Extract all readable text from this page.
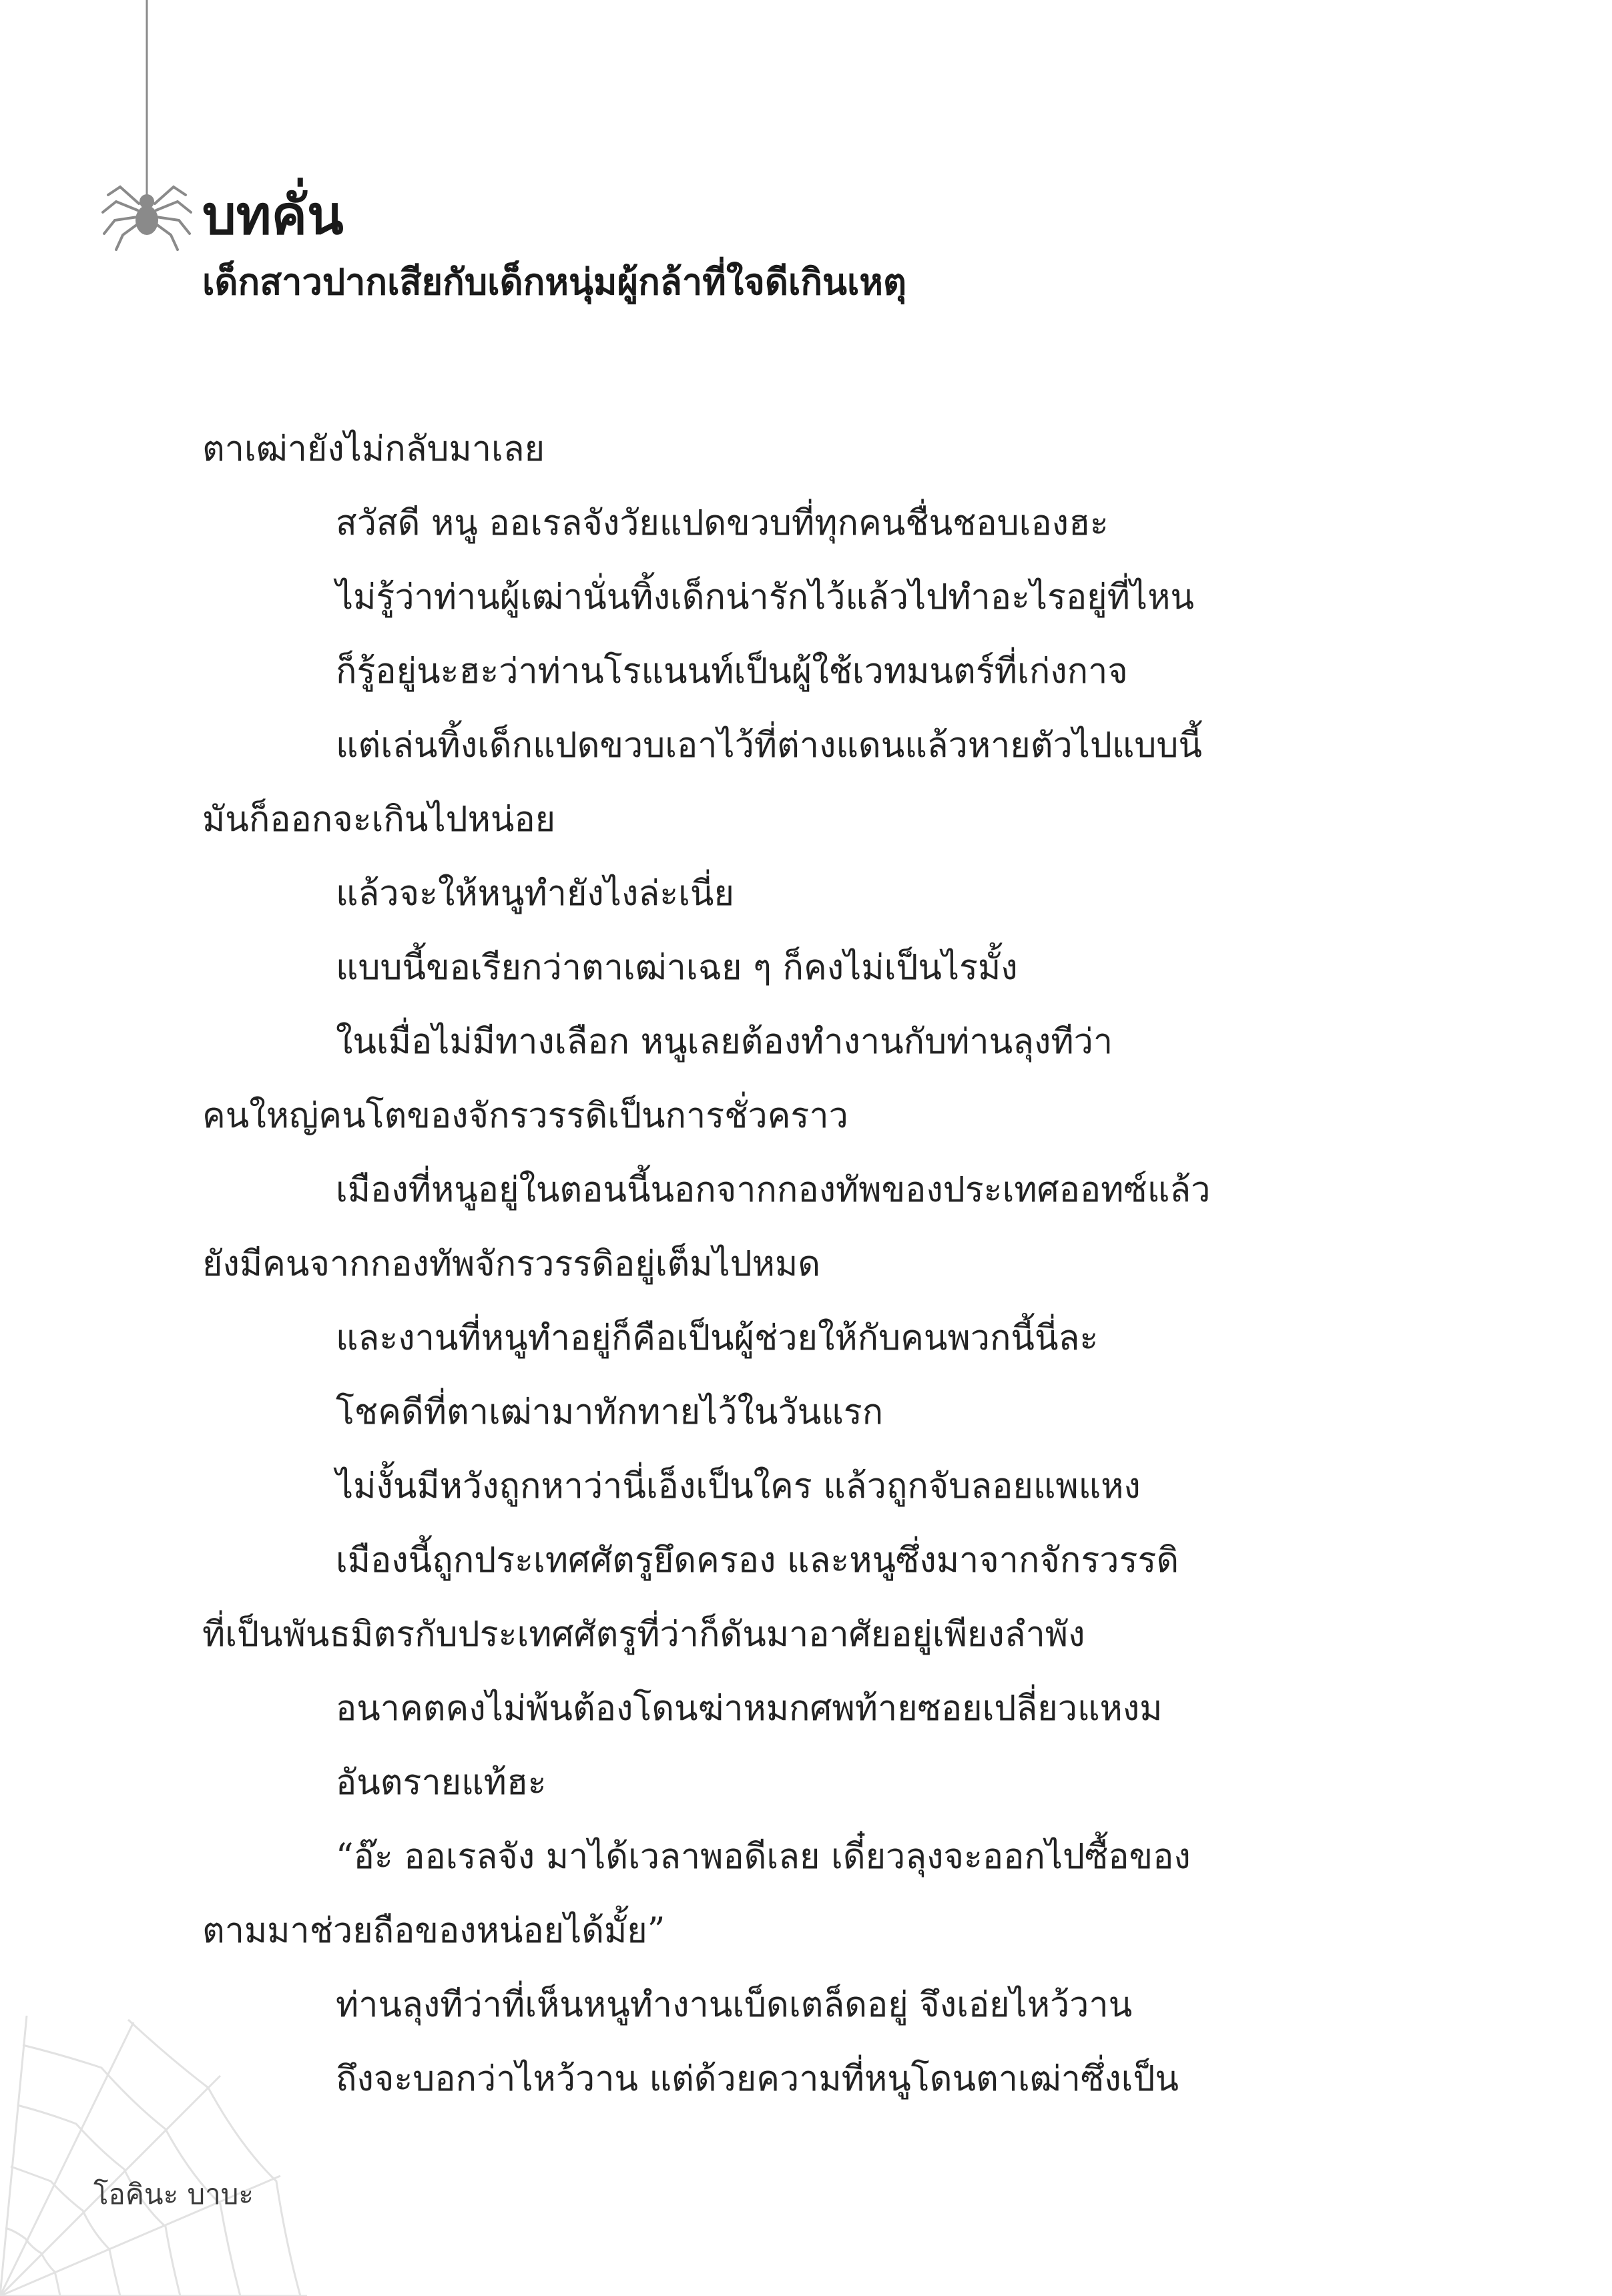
บทคั่น
เด็กสาวปากเสียกับเด็กหนุ่มผู้กล้าที่ใจดีเกินเหตุ
ตาเฒ่ายังไม่กลับมาเลย
สวัสดี หนู ออเรลจังวัยแปดขวบที่ทุกคนชื่นชอบเองฮะ
ไม่รู้ว่าท่านผู้เฒ่านั่นทิ้งเด็กน่ารักไว้แล้วไปทำอะไรอยู่ที่ไหน
ก็รู้อยู่นะฮะว่าท่านโรแนนท์เป็นผู้ใช้เวทมนตร์ที่เก่งกาจ
แต่เล่นทิ้งเด็กแปดขวบเอาไว้ที่ต่างแดนแล้วหายตัวไปแบบนี้
มันก็ออกจะเกินไปหน่อย
แล้วจะให้หนูทำยังไงล่ะเนี่ย
แบบนี้ขอเรียกว่าตาเฒ่าเฉย ๆ ก็คงไม่เป็นไรมั้ง
ในเมื่อไม่มีทางเลือก หนูเลยต้องทำงานกับท่านลุงทีว่า
คนใหญ่คนโตของจักรวรรดิเป็นการชั่วคราว
เมืองที่หนูอยู่ในตอนนี้นอกจากกองทัพของประเทศออทซ์แล้ว
ยังมีคนจากกองทัพจักรวรรดิอยู่เต็มไปหมด
และงานที่หนูทำอยู่ก็คือเป็นผู้ช่วยให้กับคนพวกนี้นี่ละ
โชคดีที่ตาเฒ่ามาทักทายไว้ในวันแรก
ไม่งั้นมีหวังถูกหาว่านี่เอ็งเป็นใคร แล้วถูกจับลอยแพแหง
เมืองนี้ถูกประเทศศัตรูยึดครอง และหนูซึ่งมาจากจักรวรรดิ
ที่เป็นพันธมิตรกับประเทศศัตรูที่ว่าก็ดันมาอาศัยอยู่เพียงลำพัง
อนาคตคงไม่พ้นต้องโดนฆ่าหมกศพท้ายซอยเปลี่ยวแหงม
อันตรายแท้ฮะ
“อ๊ะ ออเรลจัง มาได้เวลาพอดีเลย เดี๋ยวลุงจะออกไปซื้อของ
ตามมาช่วยถือของหน่อยได้มั้ย”
ท่านลุงทีว่าที่เห็นหนูทำงานเบ็ดเตล็ดอยู่ จึงเอ่ยไหว้วาน
ถึงจะบอกว่าไหว้วาน แต่ด้วยความที่หนูโดนตาเฒ่าซึ่งเป็น
โอคินะ บาบะ
